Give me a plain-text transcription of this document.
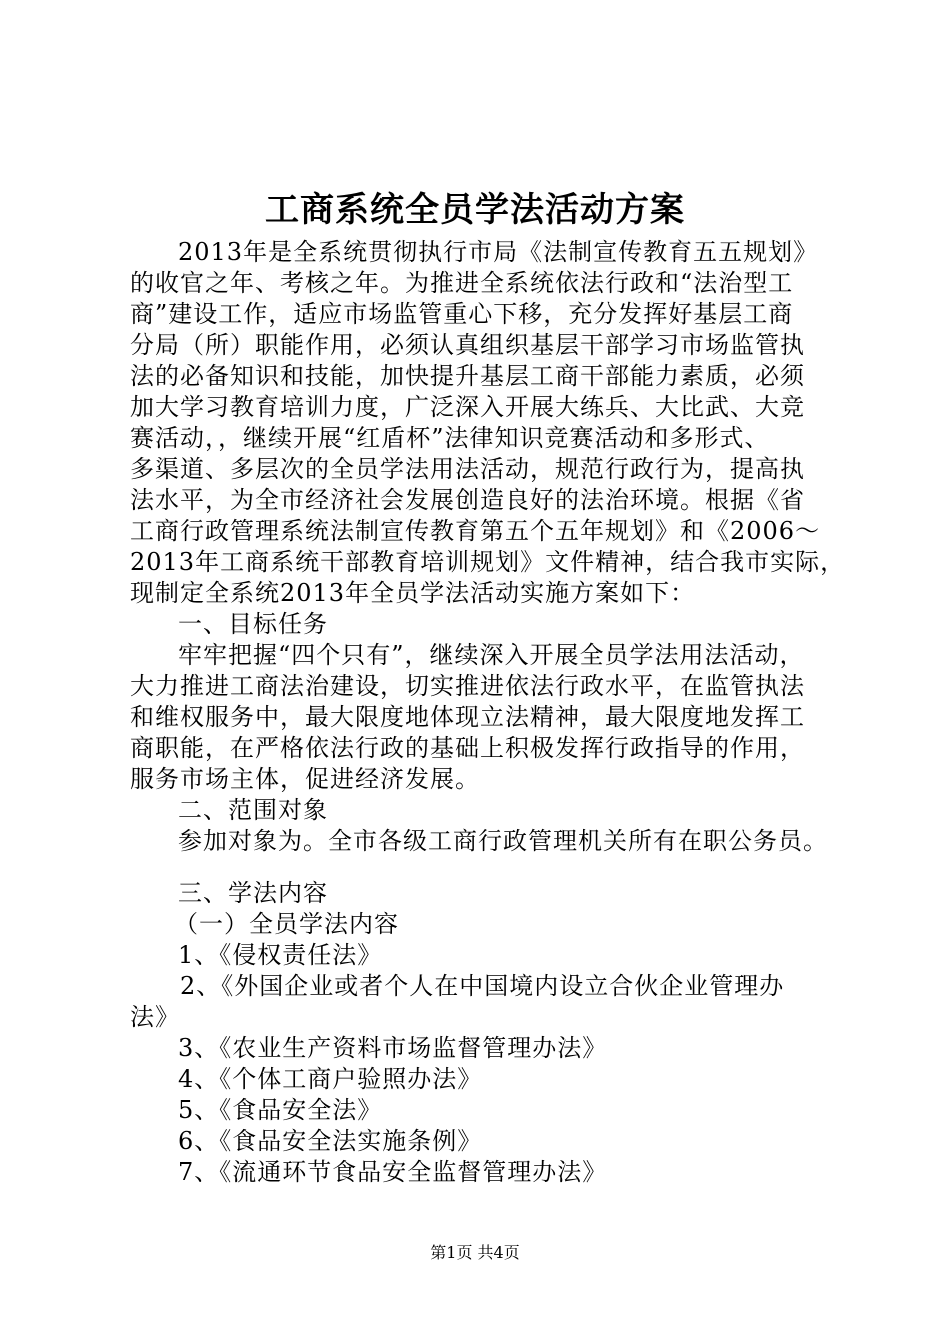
工商系统全员学法活动方案
2013年是全系统贯彻执行市局《法制宣传教育五五规划》
的收官之年、考核之年。为推进全系统依法行政和“法治型工
商”建设工作，适应市场监管重心下移，充分发挥好基层工商
分局（所）职能作用，必须认真组织基层干部学习市场监管执
法的必备知识和技能，加快提升基层工商干部能力素质，必须
加大学习教育培训力度，广泛深入开展大练兵、大比武、大竞
赛活动，，继续开展“红盾杯”法律知识竞赛活动和多形式、
多渠道、多层次的全员学法用法活动，规范行政行为，提高执
法水平，为全市经济社会发展创造良好的法治环境。根据《省
工商行政管理系统法制宣传教育第五个五年规划》和《2006～
2013年工商系统干部教育培训规划》文件精神，结合我市实际，
现制定全系统2013年全员学法活动实施方案如下：
一、目标任务
牢牢把握“四个只有”，继续深入开展全员学法用法活动，
大力推进工商法治建设，切实推进依法行政水平，在监管执法
和维权服务中，最大限度地体现立法精神，最大限度地发挥工
商职能，在严格依法行政的基础上积极发挥行政指导的作用，
服务市场主体，促进经济发展。
二、范围对象
参加对象为。全市各级工商行政管理机关所有在职公务员。
三、学法内容
（一）全员学法内容
1、《侵权责任法》
2、《外国企业或者个人在中国境内设立合伙企业管理办
法》
3、《农业生产资料市场监督管理办法》
4、《个体工商户验照办法》
5、《食品安全法》
6、《食品安全法实施条例》
7、《流通环节食品安全监督管理办法》
第1页 共4页
